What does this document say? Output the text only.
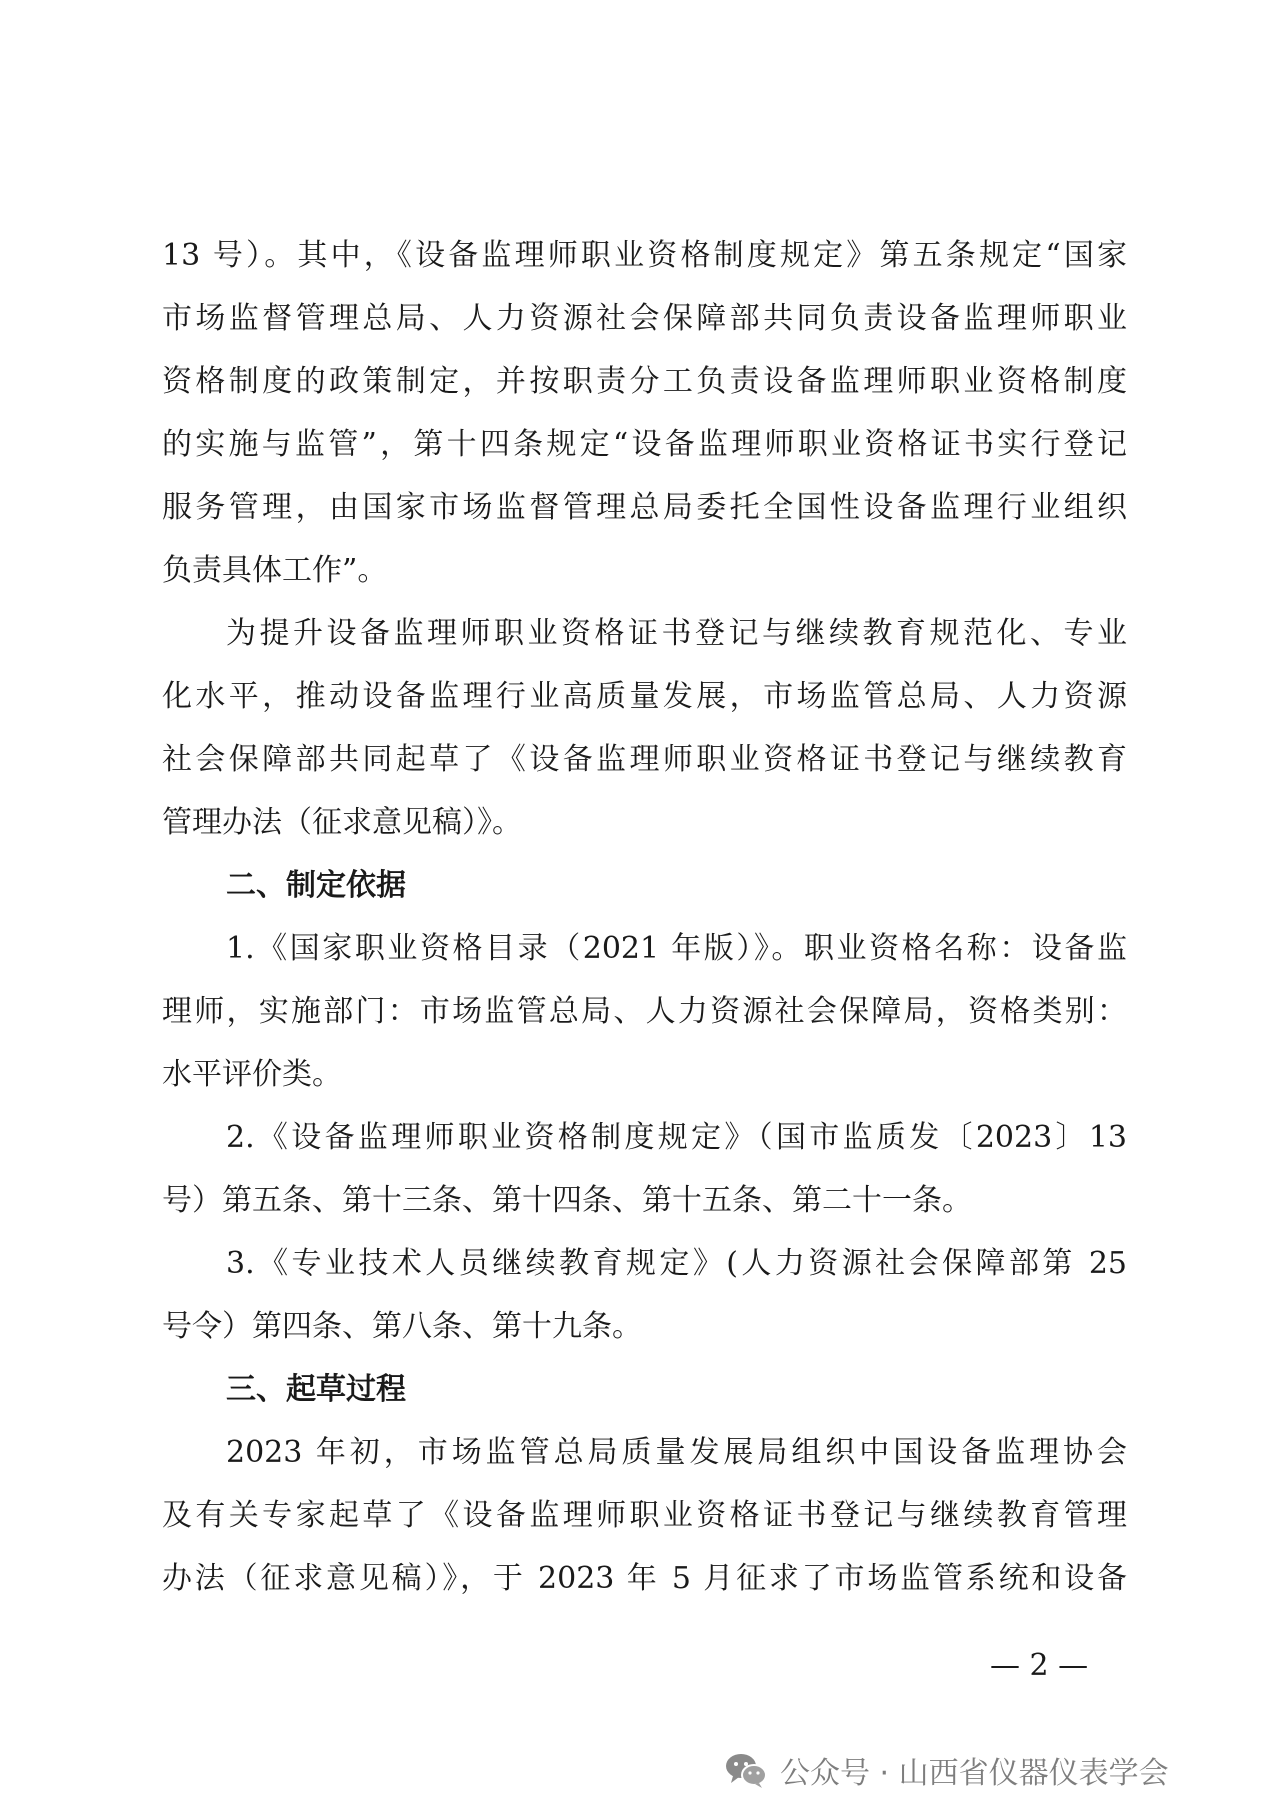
13 号）。其中，《设备监理师职业资格制度规定》第五条规定“国家
市场监督管理总局、人力资源社会保障部共同负责设备监理师职业
资格制度的政策制定，并按职责分工负责设备监理师职业资格制度
的实施与监管”，第十四条规定“设备监理师职业资格证书实行登记
服务管理，由国家市场监督管理总局委托全国性设备监理行业组织
负责具体工作”。
为提升设备监理师职业资格证书登记与继续教育规范化、专业
化水平，推动设备监理行业高质量发展，市场监管总局、人力资源
社会保障部共同起草了《设备监理师职业资格证书登记与继续教育
管理办法（征求意见稿）》。
二、制定依据
1.《国家职业资格目录（2021 年版）》。职业资格名称：设备监
理师，实施部门：市场监管总局、人力资源社会保障局，资格类别：
水平评价类。
2.《设备监理师职业资格制度规定》（国市监质发〔2023〕13
号）第五条、第十三条、第十四条、第十五条、第二十一条。
3.《专业技术人员继续教育规定》(人力资源社会保障部第 25
号令）第四条、第八条、第十九条。
三、起草过程
2023 年初，市场监管总局质量发展局组织中国设备监理协会
及有关专家起草了《设备监理师职业资格证书登记与继续教育管理
办法（征求意见稿）》，于 2023 年 5 月征求了市场监管系统和设备
— 2 —
公众号 · 山西省仪器仪表学会
